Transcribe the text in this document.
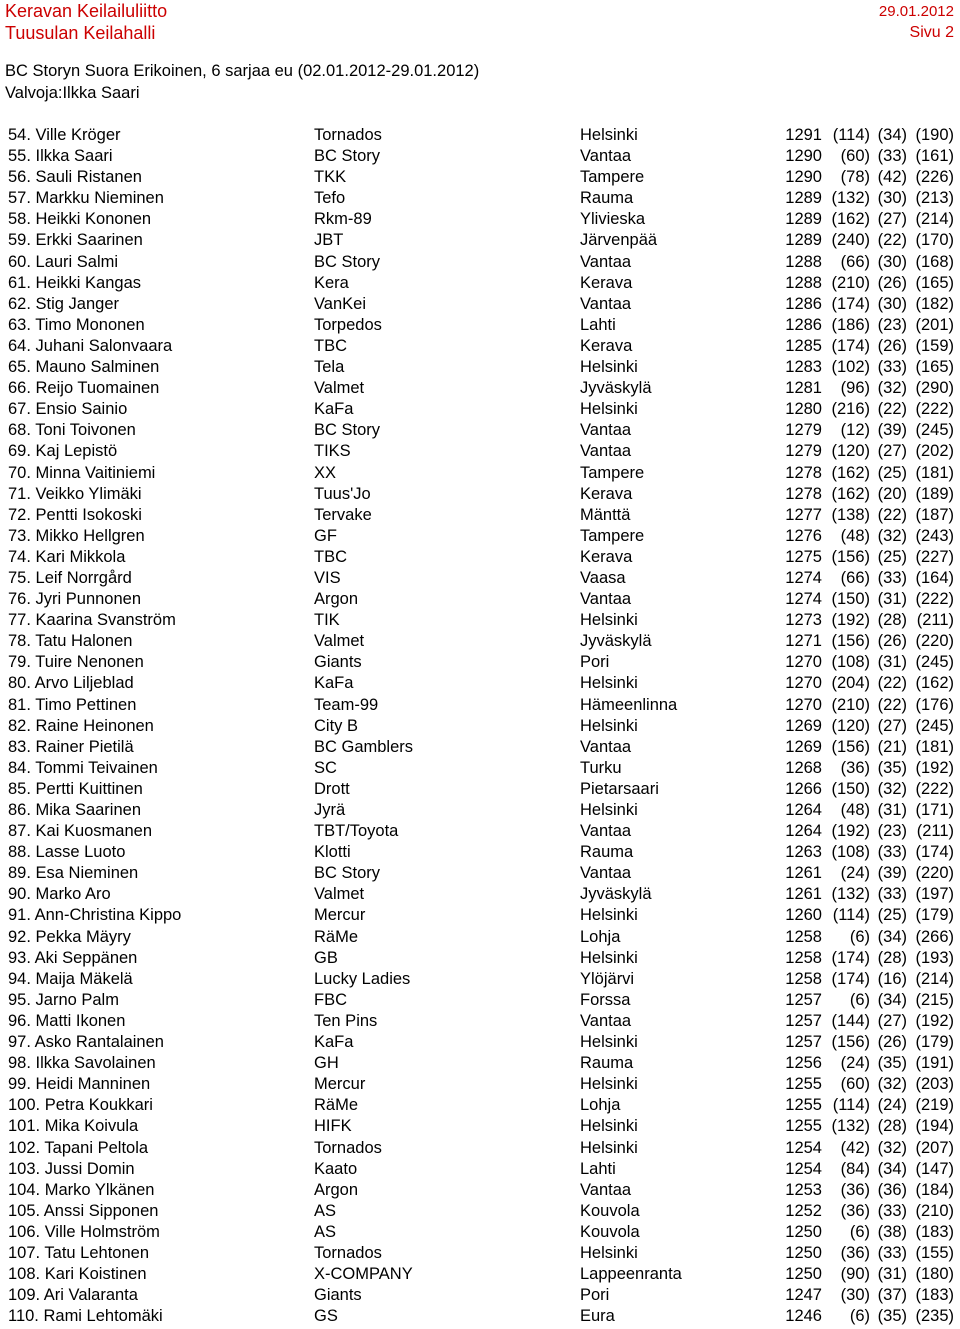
Keravan Keilailuliitto
Tuusulan Keilahalli
29.01.2012
Sivu 2
BC Storyn Suora Erikoinen, 6 sarjaa eu (02.01.2012-29.01.2012)
Valvoja:Ilkka Saari
54. Ville Kröger	Tornados	Helsinki	1291 (114) (34) (190)
55. Ilkka Saari	BC Story	Vantaa	1290	(60) (33) (161)
56. Sauli Ristanen	TKK	Tampere	1290	(78) (42) (226)
57. Markku Nieminen	Tefo	Rauma	1289 (132) (30) (213)
58. Heikki Kononen	Rkm-89	Ylivieska	1289 (162) (27) (214)
59. Erkki Saarinen	JBT	Järvenpää	1289 (240) (22) (170)
60. Lauri Salmi	BC Story	Vantaa	1288	(66) (30) (168)
61. Heikki Kangas	Kera	Kerava	1288 (210) (26) (165)
62. Stig Janger	VanKei	Vantaa	1286 (174) (30) (182)
63. Timo Mononen	Torpedos	Lahti	1286 (186) (23) (201)
64. Juhani Salonvaara	TBC	Kerava	1285 (174) (26) (159)
65. Mauno Salminen	Tela	Helsinki	1283 (102) (33) (165)
66. Reijo Tuomainen	Valmet	Jyväskylä	1281	(96) (32) (290)
67. Ensio Sainio	KaFa	Helsinki	1280 (216) (22) (222)
68. Toni Toivonen	BC Story	Vantaa	1279	(12) (39) (245)
69. Kaj Lepistö	TIKS	Vantaa	1279 (120) (27) (202)
70. Minna Vaitiniemi	XX	Tampere	1278 (162) (25) (181)
71. Veikko Ylimäki	Tuus'Jo	Kerava	1278 (162) (20) (189)
72. Pentti Isokoski	Tervake	Mänttä	1277 (138) (22) (187)
73. Mikko Hellgren	GF	Tampere	1276	(48) (32) (243)
74. Kari Mikkola	TBC	Kerava	1275 (156) (25) (227)
75. Leif Norrgård	VIS	Vaasa	1274	(66) (33) (164)
76. Jyri Punnonen	Argon	Vantaa	1274 (150) (31) (222)
77. Kaarina Svanström	TIK	Helsinki	1273 (192) (28) (211)
78. Tatu Halonen	Valmet	Jyväskylä	1271 (156) (26) (220)
79. Tuire Nenonen	Giants	Pori	1270 (108) (31) (245)
80. Arvo Liljeblad	KaFa	Helsinki	1270 (204) (22) (162)
81. Timo Pettinen	Team-99	Hämeenlinna	1270 (210) (22) (176)
82. Raine Heinonen	City B	Helsinki	1269 (120) (27) (245)
83. Rainer Pietilä	BC Gamblers	Vantaa	1269 (156) (21) (181)
84. Tommi Teivainen	SC	Turku	1268	(36) (35) (192)
85. Pertti Kuittinen	Drott	Pietarsaari	1266 (150) (32) (222)
86. Mika Saarinen	Jyrä	Helsinki	1264	(48) (31) (171)
87. Kai Kuosmanen	TBT/Toyota	Vantaa	1264 (192) (23) (211)
88. Lasse Luoto	Klotti	Rauma	1263 (108) (33) (174)
89. Esa Nieminen	BC Story	Vantaa	1261	(24) (39) (220)
90. Marko Aro	Valmet	Jyväskylä	1261 (132) (33) (197)
91. Ann-Christina Kippo	Mercur	Helsinki	1260 (114) (25) (179)
92. Pekka Mäyry	RäMe	Lohja	1258	(6) (34) (266)
93. Aki Seppänen	GB	Helsinki	1258 (174) (28) (193)
94. Maija Mäkelä	Lucky Ladies	Ylöjärvi	1258 (174) (16) (214)
95. Jarno Palm	FBC	Forssa	1257	(6) (34) (215)
96. Matti Ikonen	Ten Pins	Vantaa	1257 (144) (27) (192)
97. Asko Rantalainen	KaFa	Helsinki	1257 (156) (26) (179)
98. Ilkka Savolainen	GH	Rauma	1256	(24) (35) (191)
99. Heidi Manninen	Mercur	Helsinki	1255	(60) (32) (203)
100. Petra Koukkari	RäMe	Lohja	1255 (114) (24) (219)
101. Mika Koivula	HIFK	Helsinki	1255 (132) (28) (194)
102. Tapani Peltola	Tornados	Helsinki	1254	(42) (32) (207)
103. Jussi Domin	Kaato	Lahti	1254	(84) (34) (147)
104. Marko Ylkänen	Argon	Vantaa	1253	(36) (36) (184)
105. Anssi Sipponen	AS	Kouvola	1252	(36) (33) (210)
106. Ville Holmström	AS	Kouvola	1250	(6) (38) (183)
107. Tatu Lehtonen	Tornados	Helsinki	1250	(36) (33) (155)
108. Kari Koistinen	X-COMPANY	Lappeenranta	1250	(90) (31) (180)
109. Ari Valaranta	Giants	Pori	1247	(30) (37) (183)
110. Rami Lehtomäki	GS	Eura	1246	(6) (35) (235)
